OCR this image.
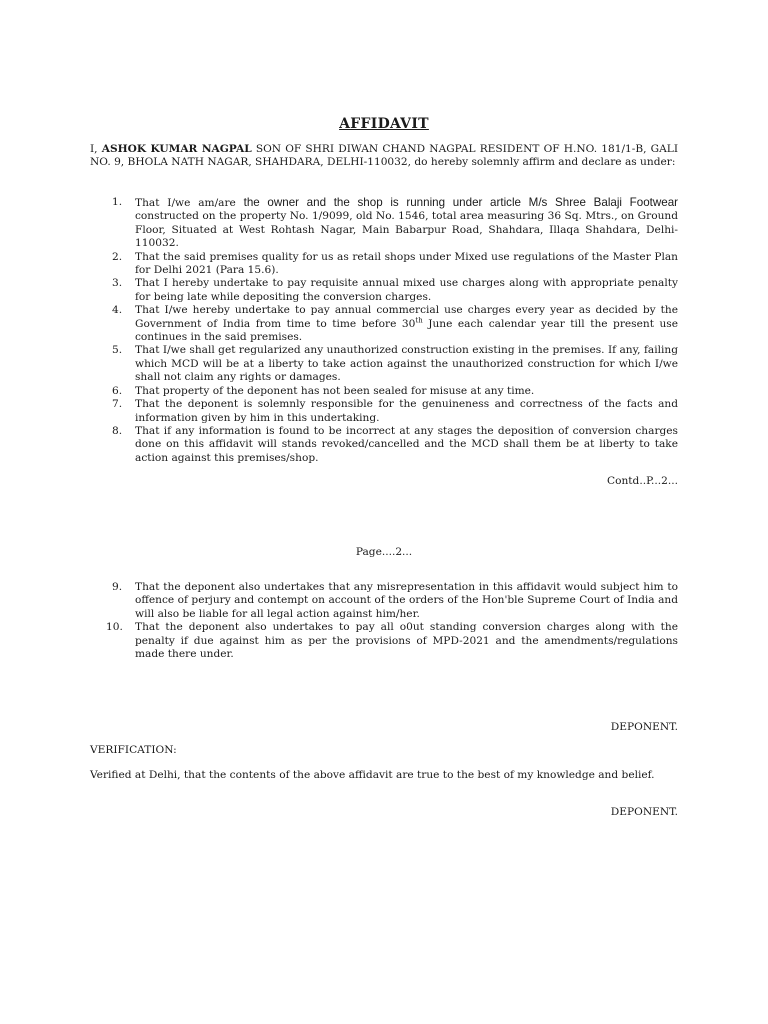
AFFIDAVIT
I, ASHOK KUMAR NAGPAL SON OF SHRI DIWAN CHAND NAGPAL RESIDENT OF H.NO. 181/1-B, GALI NO. 9, BHOLA NATH NAGAR, SHAHDARA, DELHI-110032, do hereby solemnly affirm and declare as under:
1. That I/we am/are the owner and the shop is running under article M/s Shree Balaji Footwear constructed on the property No. 1/9099, old No. 1546, total area measuring 36 Sq. Mtrs., on Ground Floor, Situated at West Rohtash Nagar, Main Babarpur Road, Shahdara, Illaqa Shahdara, Delhi-110032.
2. That the said premises quality for us as retail shops under Mixed use regulations of the Master Plan for Delhi 2021 (Para 15.6).
3. That I hereby undertake to pay requisite annual mixed use charges along with appropriate penalty for being late while depositing the conversion charges.
4. That I/we hereby undertake to pay annual commercial use charges every year as decided by the Government of India from time to time before 30th June each calendar year till the present use continues in the said premises.
5. That I/we shall get regularized any unauthorized construction existing in the premises. If any, failing which MCD will be at a liberty to take action against the unauthorized construction for which I/we shall not claim any rights or damages.
6. That property of the deponent has not been sealed for misuse at any time.
7. That the deponent is solemnly responsible for the genuineness and correctness of the facts and information given by him in this undertaking.
8. That if any information is found to be incorrect at any stages the deposition of conversion charges done on this affidavit will stands revoked/cancelled and the MCD shall them be at liberty to take action against this premises/shop.
Contd..P...2...
Page....2...
9. That the deponent also undertakes that any misrepresentation in this affidavit would subject him to offence of perjury and contempt on account of the orders of the Hon'ble Supreme Court of India and will also be liable for all legal action against him/her.
10. That the deponent also undertakes to pay all o0ut standing conversion charges along with the penalty if due against him as per the provisions of MPD-2021 and the amendments/regulations made there under.
DEPONENT.
VERIFICATION:
Verified at Delhi, that the contents of the above affidavit are true to the best of my knowledge and belief.
DEPONENT.
